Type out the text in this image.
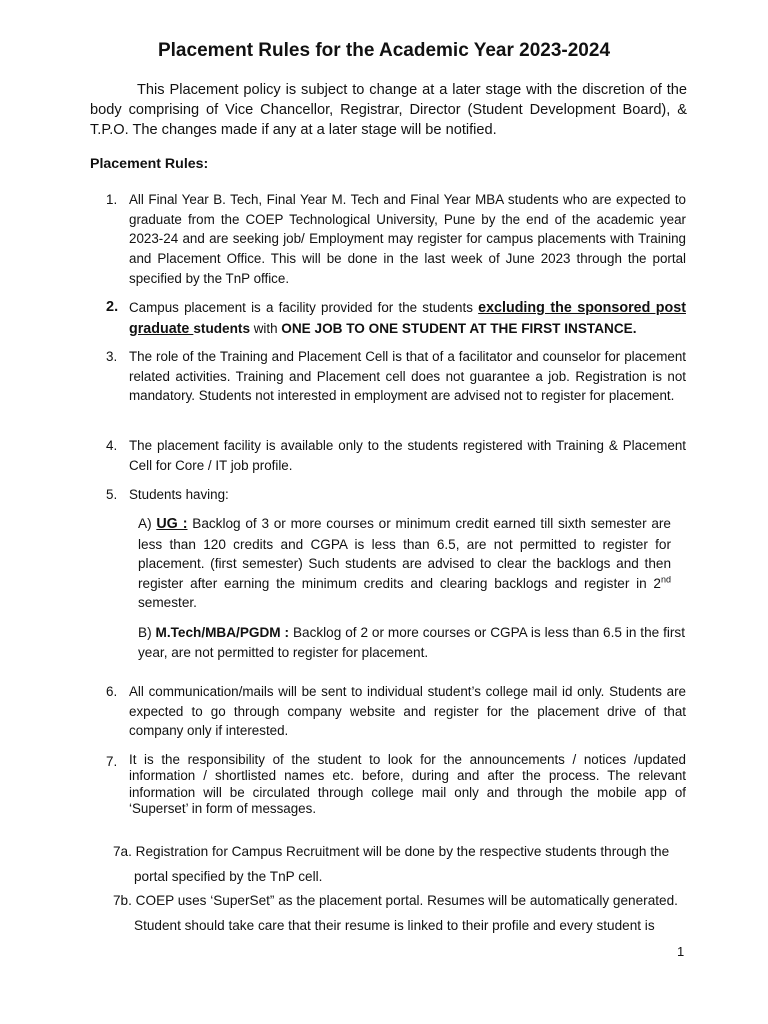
Placement Rules for the Academic Year 2023-2024
This Placement policy is subject to change at a later stage with the discretion of the body comprising of Vice Chancellor, Registrar, Director (Student Development Board), & T.P.O. The changes made if any at a later stage will be notified.
Placement Rules:
1. All Final Year B. Tech, Final Year M. Tech and Final Year MBA students who are expected to graduate from the COEP Technological University, Pune by the end of the academic year 2023-24 and are seeking job/ Employment may register for campus placements with Training and Placement Office. This will be done in the last week of June 2023 through the portal specified by the TnP office.
2. Campus placement is a facility provided for the students excluding the sponsored post graduate students with ONE JOB TO ONE STUDENT AT THE FIRST INSTANCE.
3. The role of the Training and Placement Cell is that of a facilitator and counselor for placement related activities. Training and Placement cell does not guarantee a job. Registration is not mandatory. Students not interested in employment are advised not to register for placement.
4. The placement facility is available only to the students registered with Training & Placement Cell for Core / IT job profile.
5. Students having:
A) UG : Backlog of 3 or more courses or minimum credit earned till sixth semester are less than 120 credits and CGPA is less than 6.5, are not permitted to register for placement. (first semester) Such students are advised to clear the backlogs and then register after earning the minimum credits and clearing backlogs and register in 2nd semester.
B) M.Tech/MBA/PGDM : Backlog of 2 or more courses or CGPA is less than 6.5 in the first year, are not permitted to register for placement.
6. All communication/mails will be sent to individual student’s college mail id only. Students are expected to go through company website and register for the placement drive of that company only if interested.
7. It is the responsibility of the student to look for the announcements / notices /updated information / shortlisted names etc. before, during and after the process. The relevant information will be circulated through college mail only and through the mobile app of ‘Superset’ in form of messages.
7a. Registration for Campus Recruitment will be done by the respective students through the
portal specified by the TnP cell.
7b. COEP uses ‘SuperSet” as the placement portal. Resumes will be automatically generated.
Student should take care that their resume is linked to their profile and every student is
1
